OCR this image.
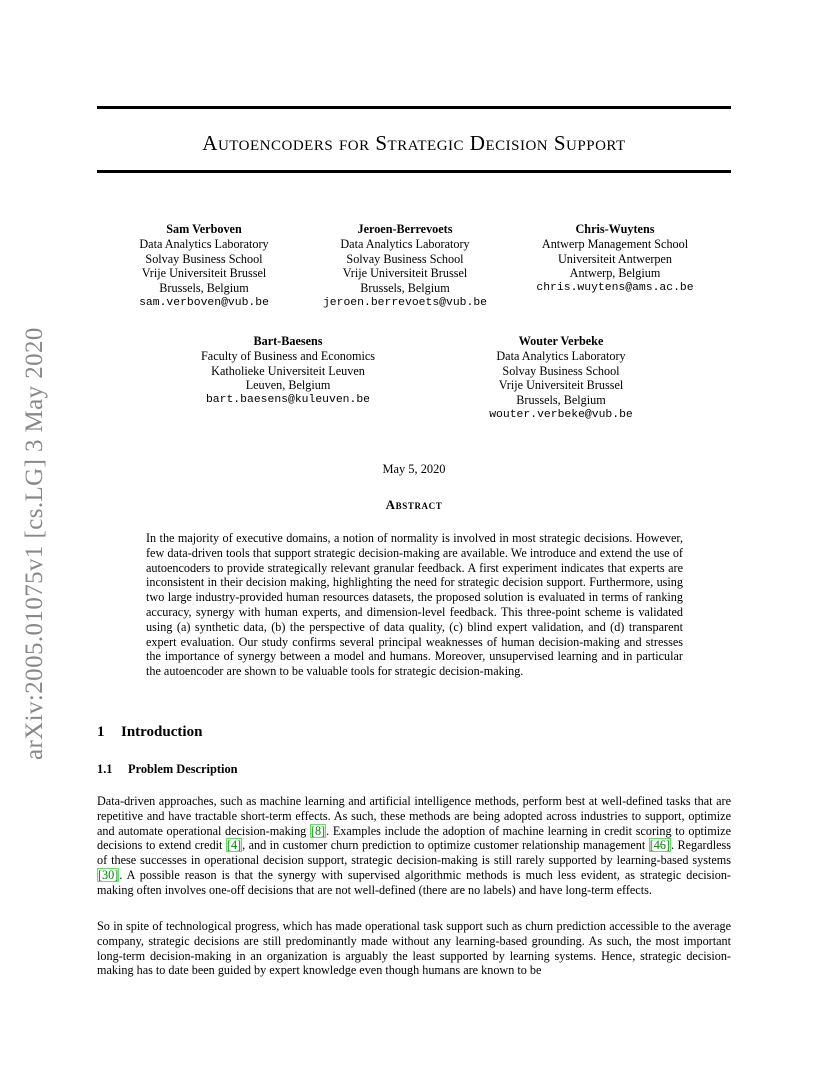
arXiv:2005.01075v1 [cs.LG] 3 May 2020
Autoencoders for Strategic Decision Support
Sam Verboven
Data Analytics Laboratory
Solvay Business School
Vrije Universiteit Brussel
Brussels, Belgium
sam.verboven@vub.be
Jeroen-Berrevoets
Data Analytics Laboratory
Solvay Business School
Vrije Universiteit Brussel
Brussels, Belgium
jeroen.berrevoets@vub.be
Chris-Wuytens
Antwerp Management School
Universiteit Antwerpen
Antwerp, Belgium
chris.wuytens@ams.ac.be
Bart-Baesens
Faculty of Business and Economics
Katholieke Universiteit Leuven
Leuven, Belgium
bart.baesens@kuleuven.be
Wouter Verbeke
Data Analytics Laboratory
Solvay Business School
Vrije Universiteit Brussel
Brussels, Belgium
wouter.verbeke@vub.be
May 5, 2020
Abstract
In the majority of executive domains, a notion of normality is involved in most strategic decisions. However, few data-driven tools that support strategic decision-making are available. We introduce and extend the use of autoencoders to provide strategically relevant granular feedback. A first experiment indicates that experts are inconsistent in their decision making, highlighting the need for strategic decision support. Furthermore, using two large industry-provided human resources datasets, the proposed solution is evaluated in terms of ranking accuracy, synergy with human experts, and dimension-level feedback. This three-point scheme is validated using (a) synthetic data, (b) the perspective of data quality, (c) blind expert validation, and (d) transparent expert evaluation. Our study confirms several principal weaknesses of human decision-making and stresses the importance of synergy between a model and humans. Moreover, unsupervised learning and in particular the autoencoder are shown to be valuable tools for strategic decision-making.
1 Introduction
1.1 Problem Description
Data-driven approaches, such as machine learning and artificial intelligence methods, perform best at well-defined tasks that are repetitive and have tractable short-term effects. As such, these methods are being adopted across industries to support, optimize and automate operational decision-making [8]. Examples include the adoption of machine learning in credit scoring to optimize decisions to extend credit [4], and in customer churn prediction to optimize customer relationship management [46]. Regardless of these successes in operational decision support, strategic decision-making is still rarely supported by learning-based systems [30]. A possible reason is that the synergy with supervised algorithmic methods is much less evident, as strategic decision-making often involves one-off decisions that are not well-defined (there are no labels) and have long-term effects.
So in spite of technological progress, which has made operational task support such as churn prediction accessible to the average company, strategic decisions are still predominantly made without any learning-based grounding. As such, the most important long-term decision-making in an organization is arguably the least supported by learning systems. Hence, strategic decision-making has to date been guided by expert knowledge even though humans are known to be
